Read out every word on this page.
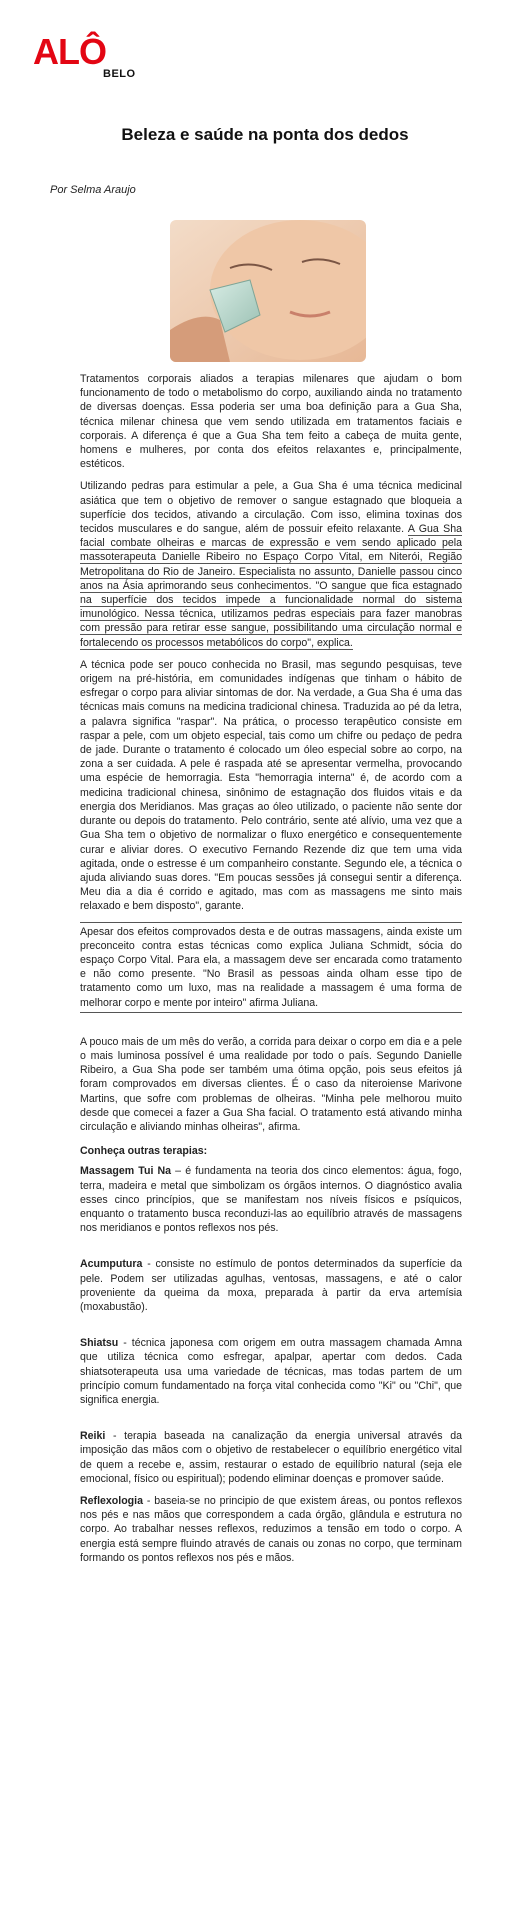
ALÔ
BELO
Beleza e saúde na ponta dos dedos
Por Selma Araujo

Tratamentos corporais aliados a terapias milenares que ajudam o bom funcionamento de todo o metabolismo do corpo, auxiliando ainda no tratamento de diversas doenças. Essa poderia ser uma boa definição para a Gua Sha, técnica milenar chinesa que vem sendo utilizada em tratamentos faciais e corporais. A diferença é que a Gua Sha tem feito a cabeça de muita gente, homens e mulheres, por conta dos efeitos relaxantes e, principalmente, estéticos.

Utilizando pedras para estimular a pele, a Gua Sha é uma técnica medicinal asiática que tem o objetivo de remover o sangue estagnado que bloqueia a superfície dos tecidos, ativando a circulação. Com isso, elimina toxinas dos tecidos musculares e do sangue, além de possuir efeito relaxante. A Gua Sha facial combate olheiras e marcas de expressão e vem sendo aplicado pela massoterapeuta Danielle Ribeiro no Espaço Corpo Vital, em Niterói, Região Metropolitana do Rio de Janeiro. Especialista no assunto, Danielle passou cinco anos na Ásia aprimorando seus conhecimentos. "O sangue que fica estagnado na superfície dos tecidos impede a funcionalidade normal do sistema imunológico. Nessa técnica, utilizamos pedras especiais para fazer manobras com pressão para retirar esse sangue, possibilitando uma circulação normal e fortalecendo os processos metabólicos do corpo", explica.

A técnica pode ser pouco conhecida no Brasil, mas segundo pesquisas, teve origem na pré-história, em comunidades indígenas que tinham o hábito de esfregar o corpo para aliviar sintomas de dor. Na verdade, a Gua Sha é uma das técnicas mais comuns na medicina tradicional chinesa. Traduzida ao pé da letra, a palavra significa "raspar". Na prática, o processo terapêutico consiste em raspar a pele, com um objeto especial, tais como um chifre ou pedaço de pedra de jade. Durante o tratamento é colocado um óleo especial sobre ao corpo, na zona a ser cuidada. A pele é raspada até se apresentar vermelha, provocando uma espécie de hemorragia. Esta "hemorragia interna" é, de acordo com a medicina tradicional chinesa, sinônimo de estagnação dos fluidos vitais e da energia dos Meridianos. Mas graças ao óleo utilizado, o paciente não sente dor durante ou depois do tratamento. Pelo contrário, sente até alívio, uma vez que a Gua Sha tem o objetivo de normalizar o fluxo energético e consequentemente curar e aliviar dores. O executivo Fernando Rezende diz que tem uma vida agitada, onde o estresse é um companheiro constante. Segundo ele, a técnica o ajuda aliviando suas dores. "Em poucas sessões já consegui sentir a diferença. Meu dia a dia é corrido e agitado, mas com as massagens me sinto mais relaxado e bem disposto", garante.

Apesar dos efeitos comprovados desta e de outras massagens, ainda existe um preconceito contra estas técnicas como explica Juliana Schmidt, sócia do espaço Corpo Vital. Para ela, a massagem deve ser encarada como tratamento e não como presente. "No Brasil as pessoas ainda olham esse tipo de tratamento como um luxo, mas na realidade a massagem é uma forma de melhorar corpo e mente por inteiro" afirma Juliana.

A pouco mais de um mês do verão, a corrida para deixar o corpo em dia e a pele o mais luminosa possível é uma realidade por todo o país. Segundo Danielle Ribeiro, a Gua Sha pode ser também uma ótima opção, pois seus efeitos já foram comprovados em diversas clientes. É o caso da niteroiense Marivone Martins, que sofre com problemas de olheiras. "Minha pele melhorou muito desde que comecei a fazer a Gua Sha facial. O tratamento está ativando minha circulação e aliviando minhas olheiras", afirma.

Conheça outras terapias:

Massagem Tui Na – é fundamenta na teoria dos cinco elementos: água, fogo, terra, madeira e metal que simbolizam os órgãos internos. O diagnóstico avalia esses cinco princípios, que se manifestam nos níveis físicos e psíquicos, enquanto o tratamento busca reconduzi-las ao equilíbrio através de massagens nos meridianos e pontos reflexos nos pés.

Acumputura - consiste no estímulo de pontos determinados da superfície da pele. Podem ser utilizadas agulhas, ventosas, massagens, e até o calor proveniente da queima da moxa, preparada à partir da erva artemísia (moxabustão).

Shiatsu - técnica japonesa com origem em outra massagem chamada Amna que utiliza técnica como esfregar, apalpar, apertar com dedos. Cada shiatsoterapeuta usa uma variedade de técnicas, mas todas partem de um princípio comum fundamentado na força vital conhecida como "Ki" ou "Chi", que significa energia.

Reiki - terapia baseada na canalização da energia universal através da imposição das mãos com o objetivo de restabelecer o equilíbrio energético vital de quem a recebe e, assim, restaurar o estado de equilíbrio natural (seja ele emocional, físico ou espiritual); podendo eliminar doenças e promover saúde.

Reflexologia - baseia-se no principio de que existem áreas, ou pontos reflexos nos pés e nas mãos que correspondem a cada órgão, glândula e estrutura no corpo. Ao trabalhar nesses reflexos, reduzimos a tensão em todo o corpo. A energia está sempre fluindo através de canais ou zonas no corpo, que terminam formando os pontos reflexos nos pés e mãos.
